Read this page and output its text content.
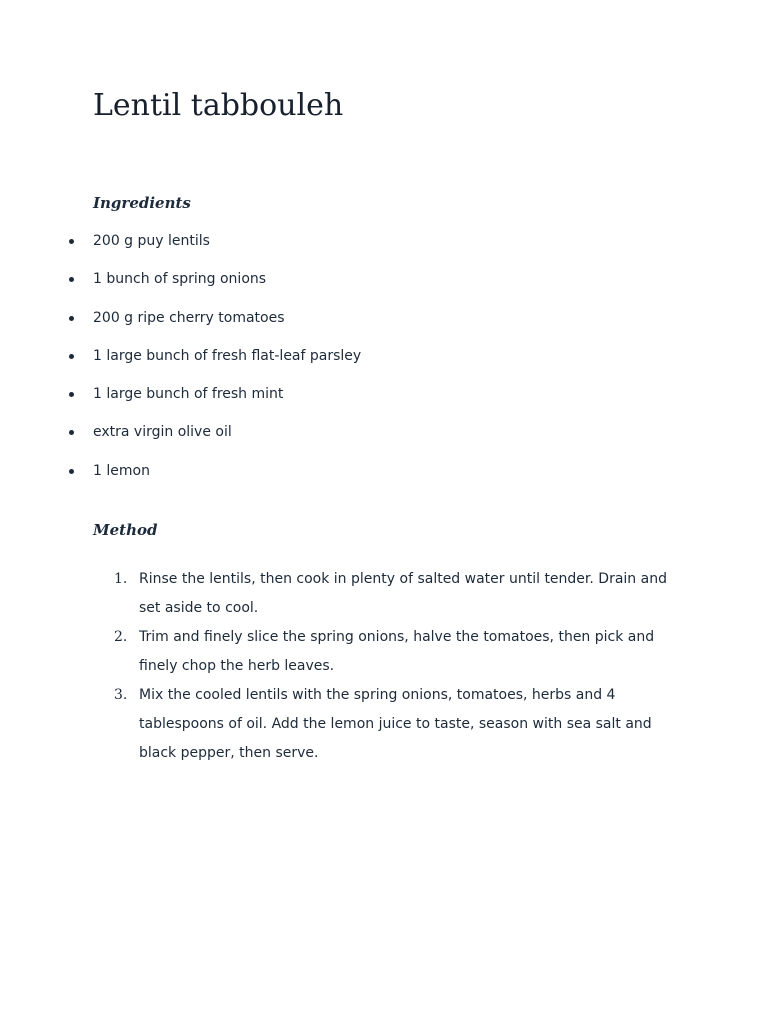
Lentil tabbouleh
Ingredients
200 g puy lentils
1 bunch of spring onions
200 g ripe cherry tomatoes
1 large bunch of fresh flat-leaf parsley
1 large bunch of fresh mint
extra virgin olive oil
1 lemon
Method
1. Rinse the lentils, then cook in plenty of salted water until tender. Drain and set aside to cool.
2. Trim and finely slice the spring onions, halve the tomatoes, then pick and finely chop the herb leaves.
3. Mix the cooled lentils with the spring onions, tomatoes, herbs and 4 tablespoons of oil. Add the lemon juice to taste, season with sea salt and black pepper, then serve.
